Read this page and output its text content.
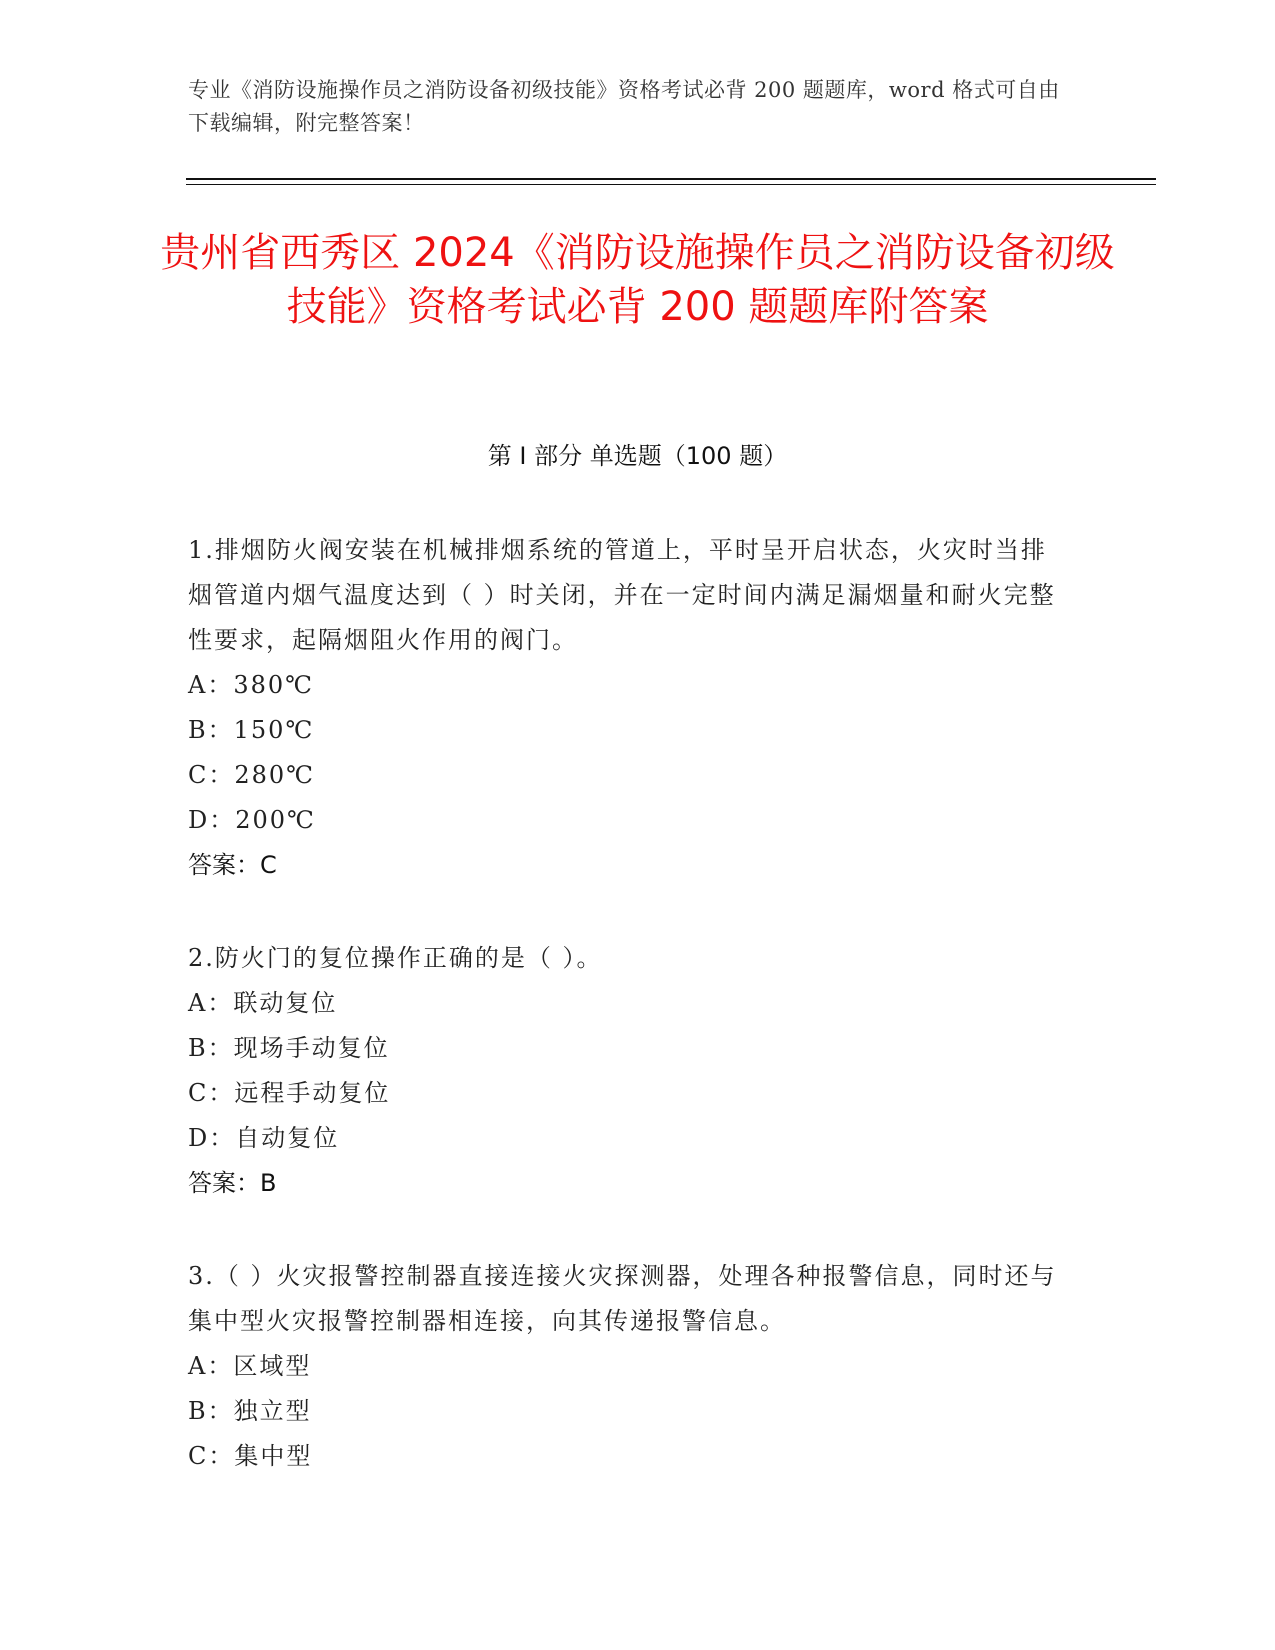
专业《消防设施操作员之消防设备初级技能》资格考试必背 200 题题库，word 格式可自由下载编辑，附完整答案！
贵州省西秀区 2024《消防设施操作员之消防设备初级技能》资格考试必背 200 题题库附答案
第 I 部分 单选题（100 题）

1.排烟防火阀安装在机械排烟系统的管道上，平时呈开启状态，火灾时当排烟管道内烟气温度达到（ ）时关闭，并在一定时间内满足漏烟量和耐火完整性要求，起隔烟阻火作用的阀门。

A：380℃

B：150℃

C：280℃

D：200℃

答案：C

2.防火门的复位操作正确的是（ ）。

A：联动复位

B：现场手动复位

C：远程手动复位

D：自动复位

答案：B

3.（ ）火灾报警控制器直接连接火灾探测器，处理各种报警信息，同时还与集中型火灾报警控制器相连接，向其传递报警信息。

A：区域型

B：独立型

C：集中型
